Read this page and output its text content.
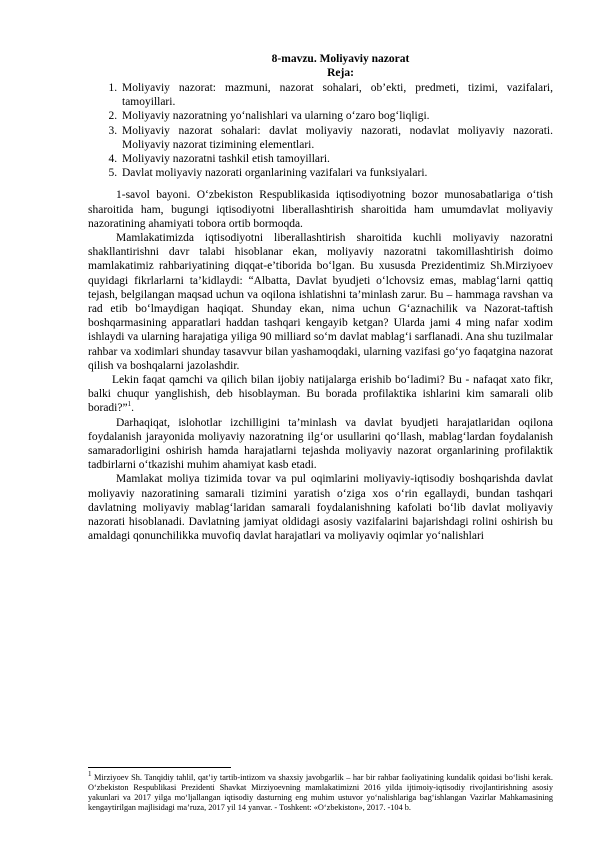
8-mavzu. Moliyaviy nazorat

Reja:

1. Moliyaviy nazorat: mazmuni, nazorat sohalari, ob’ekti, predmeti, tizimi, vazifalari, tamoyillari.
2. Moliyaviy nazoratning yo‘nalishlari va ularning o‘zaro bog‘liqligi.
3. Moliyaviy nazorat sohalari: davlat moliyaviy nazorati, nodavlat moliyaviy nazorati. Moliyaviy nazorat tizimining elementlari.
4. Moliyaviy nazoratni tashkil etish tamoyillari.
5. Davlat moliyaviy nazorati organlarining vazifalari va funksiyalari.

1-savol bayoni. O‘zbekiston Respublikasida iqtisodiyotning bozor munosabatlariga o‘tish sharoitida ham, bugungi iqtisodiyotni liberallashtirish sharoitida ham umumdavlat moliyaviy nazoratining ahamiyati tobora ortib bormoqda.

Mamlakatimizda iqtisodiyotni liberallashtirish sharoitida kuchli moliyaviy nazoratni shakllantirishni davr talabi hisoblanar ekan, moliyaviy nazoratni takomillashtirish doimo mamlakatimiz rahbariyatining diqqat-e’tiborida bo‘lgan. Bu xususda Prezidentimiz Sh.Mirziyoev quyidagi fikrlarlarni ta’kidlaydi: “Albatta, Davlat byudjeti o‘lchovsiz emas, mablag‘larni qattiq tejash, belgilangan maqsad uchun va oqilona ishlatishni ta’minlash zarur. Bu – hammaga ravshan va rad etib bo‘lmaydigan haqiqat. Shunday ekan, nima uchun G‘aznachilik va Nazorat-taftish boshqarmasining apparatlari haddan tashqari kengayib ketgan? Ularda jami 4 ming nafar xodim ishlaydi va ularning harajatiga yiliga 90 milliard so‘m davlat mablag‘i sarflanadi. Ana shu tuzilmalar rahbar va xodimlari shunday tasavvur bilan yashamoqdaki, ularning vazifasi go‘yo faqatgina nazorat qilish va boshqalarni jazolashdir.

Lekin faqat qamchi va qilich bilan ijobiy natijalarga erishib bo‘ladimi? Bu - nafaqat xato fikr, balki chuqur yanglishish, deb hisoblayman. Bu borada profilaktika ishlarini kim samarali olib boradi?”$^1$.

Darhaqiqat, islohotlar izchilligini ta’minlash va davlat byudjeti harajatlaridan oqilona foydalanish jarayonida moliyaviy nazoratning ilg‘or usullarini qo‘llash, mablag‘lardan foydalanish samaradorligini oshirish hamda harajatlarni tejashda moliyaviy nazorat organlarining profilaktik tadbirlarni o‘tkazishi muhim ahamiyat kasb etadi.

Mamlakat moliya tizimida tovar va pul oqimlarini moliyaviy-iqtisodiy boshqarishda davlat moliyaviy nazoratining samarali tizimini yaratish o‘ziga xos o‘rin egallaydi, bundan tashqari davlatning moliyaviy mablag‘laridan samarali foydalanishning kafolati bo‘lib davlat moliyaviy nazorati hisoblanadi. Davlatning jamiyat oldidagi asosiy vazifalarini bajarishdagi rolini oshirish bu amaldagi qonunchilikka muvofiq davlat harajatlari va moliyaviy oqimlar yo‘nalishlari

$^1$ Mirziyoev Sh. Tanqidiy tahlil, qat’iy tartib-intizom va shaxsiy javobgarlik – har bir rahbar faoliyatining kundalik qoidasi bo‘lishi kerak. O‘zbekiston Respublikasi Prezidenti Shavkat Mirziyoevning mamlakatimizni 2016 yilda ijtimoiy-iqtisodiy rivojlantirishning asosiy yakunlari va 2017 yilga mo‘ljallangan iqtisodiy dasturning eng muhim ustuvor yo‘nalishlariga bag‘ishlangan Vazirlar Mahkamasining kengaytirilgan majlisidagi ma’ruza, 2017 yil 14 yanvar. - Toshkent: «O‘zbekiston», 2017. -104 b.
